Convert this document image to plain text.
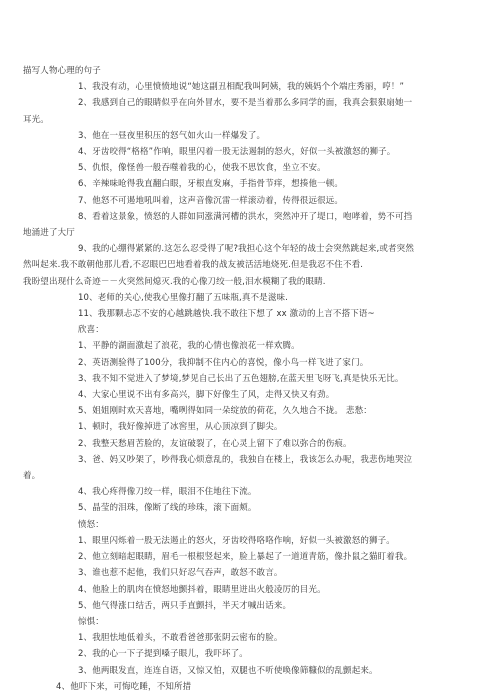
描写人物心理的句子
1、我没有动，心里愤愤地说“她这副丑相配我叫阿姨，我的姨妈个个端庄秀丽，哼！”
2、我感到自己的眼睛似乎在向外冒水，要不是当着那么多同学的面，我真会狠狠扇她一
耳光。
3、他在一昼夜里积压的怒气如火山一样爆发了。
4、牙齿咬得“格格”作响，眼里闪着一股无法遏制的怒火，好似一头被激怒的狮子。
5、仇恨，像怪兽一般吞噬着我的心，使我不思饮食，坐立不安。
6、辛辣味呛得我直翻白眼，牙根直发麻，手指骨节痒，想揍他一顿。
7、他怒不可遏地吼叫着，这声音像沉雷一样滚动着，传得很远很远。
8、看着这景象，愤怒的人群如同涨满河槽的洪水，突然冲开了堤口，咆哮着，势不可挡
地涌进了大厅
9、我的心绷得紧紧的.这怎么忍受得了呢?我担心这个年轻的战士会突然跳起来,或者突然
然叫起来.我不敢朝他那儿看,不忍眼巴巴地看着我的战友被活活地烧死.但是我忍不住不看.
我盼望出现什么奇迹－－火突然间熄灭.我的心像刀绞一般,泪水模糊了我的眼睛.
10、老师的关心,使我心里像打翻了五味瓶,真不是滋味.
11、我那颗忐忑不安的心越跳越快.我不敢往下想了 xx 激动的上言不搭下语~
欣喜：
1、平静的湖面激起了浪花，我的心情也像浪花一样欢腾。
2、英语测验得了100分，我抑制不住内心的喜悦，像小鸟一样飞进了家门。
3、我不知不觉进入了梦境,梦见自己长出了五色翅膀,在蓝天里飞呀飞,真是快乐无比。
4、大家心里说不出有多高兴，脚下好像生了风，走得又快又有劲。
5、姐姐刚时欢天喜地，嘴咧得如同一朵绽放的荷花，久久地合不拢。 悲愁：
1、顿时，我好像掉进了冰窖里，从心顶凉到了脚尖。
2、我整天愁眉苦脸的，友谊破裂了，在心灵上留下了难以弥合的伤痕。
3、爸、妈又吵架了，吵得我心烦意乱的，我独自在楼上，我该怎么办呢，我悲伤地哭泣
着。
4、我心疼得像刀绞一样，眼泪不住地往下流。
5、晶莹的泪珠，像断了线的珍珠，滚下面颊。
愤怒：
1、眼里闪烁着一股无法遏止的怒火，牙齿咬得咯咯作响，好似一头被激怒的狮子。
2、他立刻暗起眼睛，眉毛一根根竖起来，脸上暴起了一道道青筋，像扑鼠之猫盯着我。
3、谁也惹不起他，我们只好忍气吞声，敢怒不敢言。
4、他脸上的肌肉在愤怒地颤抖着，眼睛里迸出火般凌厉的目光。
5、他气得涨口结舌，两只手直颤抖，半天才喊出话来。
惊惧：
1、我胆怯地低着头，不敢看爸爸那张阴云密布的脸。
2、我的心一下子提到嗓子眼儿，我吓坏了。
3、他两眼发直，连连自语，又惊又怕，双腿也不听使唤像筛糠似的乱颤起来。
4、他吓下来，可悔吃睡，不知所措
